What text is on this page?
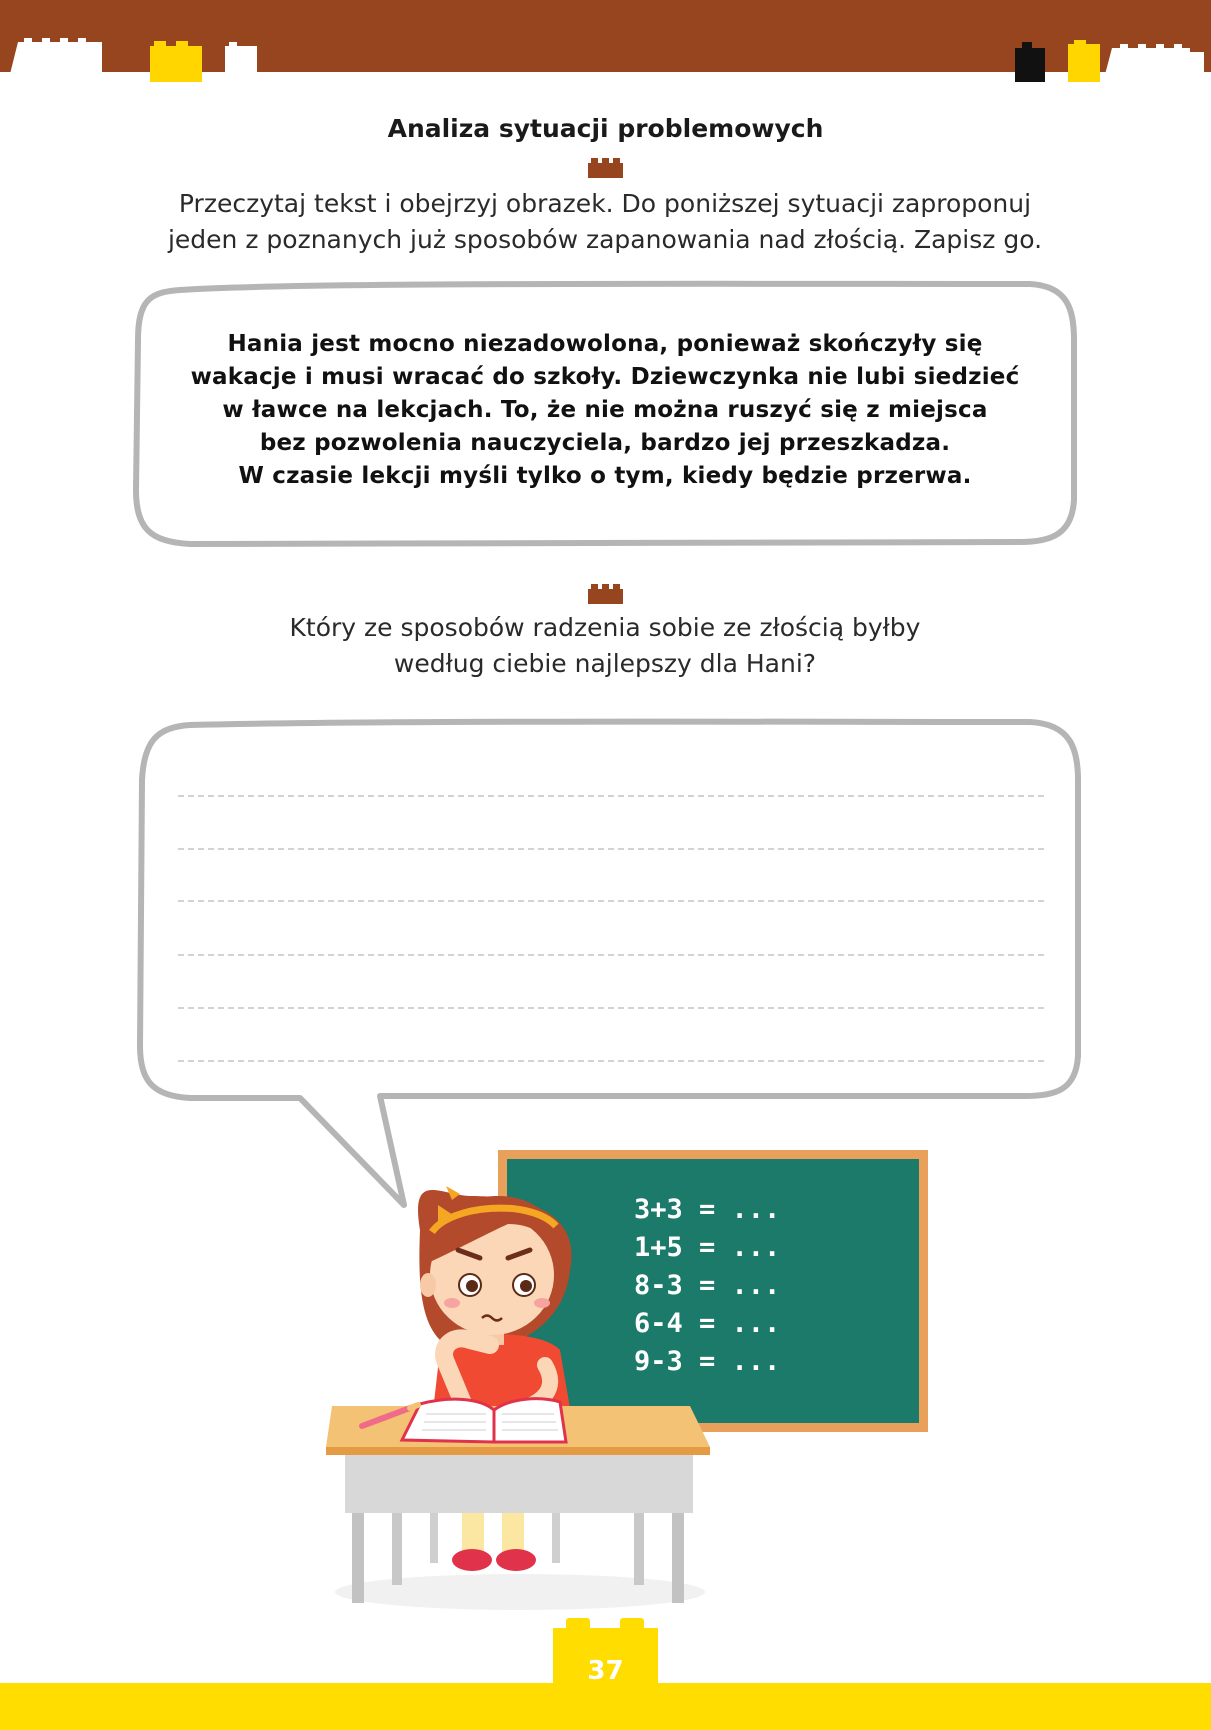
Analiza sytuacji problemowych
Przeczytaj tekst i obejrzyj obrazek. Do poniższej sytuacji zaproponuj
jeden z poznanych już sposobów zapanowania nad złością. Zapisz go.
Hania jest mocno niezadowolona, ponieważ skończyły się
wakacje i musi wracać do szkoły. Dziewczynka nie lubi siedzieć
w ławce na lekcjach. To, że nie można ruszyć się z miejsca
bez pozwolenia nauczyciela, bardzo jej przeszkadza.
W czasie lekcji myśli tylko o tym, kiedy będzie przerwa.
Który ze sposobów radzenia sobie ze złością byłby
według ciebie najlepszy dla Hani?
3+3 = ...
1+5 = ...
8-3 = ...
6-4 = ...
9-3 = ...
37
